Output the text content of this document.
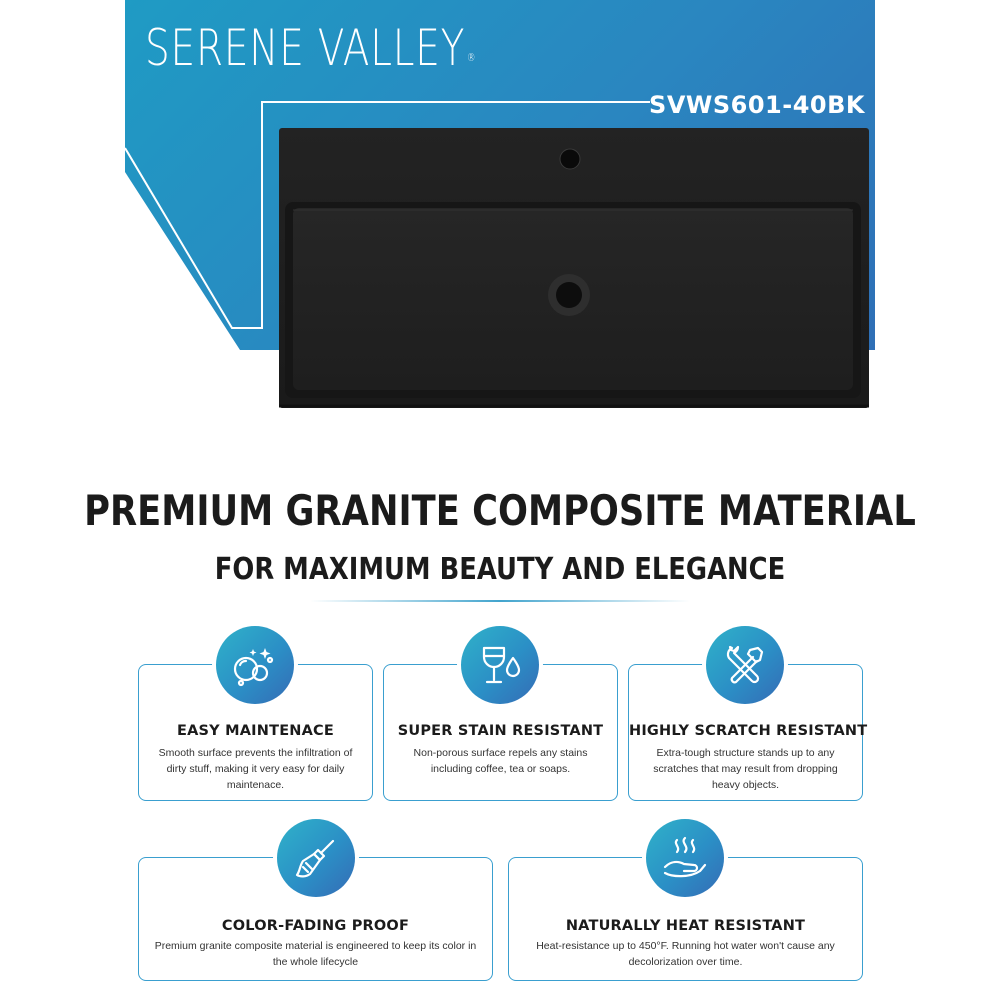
SERENE VALLEY ®
SVWS601-40BK
PREMIUM GRANITE COMPOSITE MATERIAL
FOR MAXIMUM BEAUTY AND ELEGANCE
EASY MAINTENACE
Smooth surface prevents the infiltration of dirty stuff, making it very easy for daily maintenace.
SUPER STAIN RESISTANT
Non-porous surface repels any stains including coffee, tea or soaps.
HIGHLY SCRATCH RESISTANT
Extra-tough structure stands up to any scratches that may result from dropping heavy objects.
COLOR-FADING PROOF
Premium granite composite material is engineered to keep its color in the whole lifecycle
NATURALLY HEAT RESISTANT
Heat-resistance up to 450°F. Running hot water won't cause any decolorization over time.
